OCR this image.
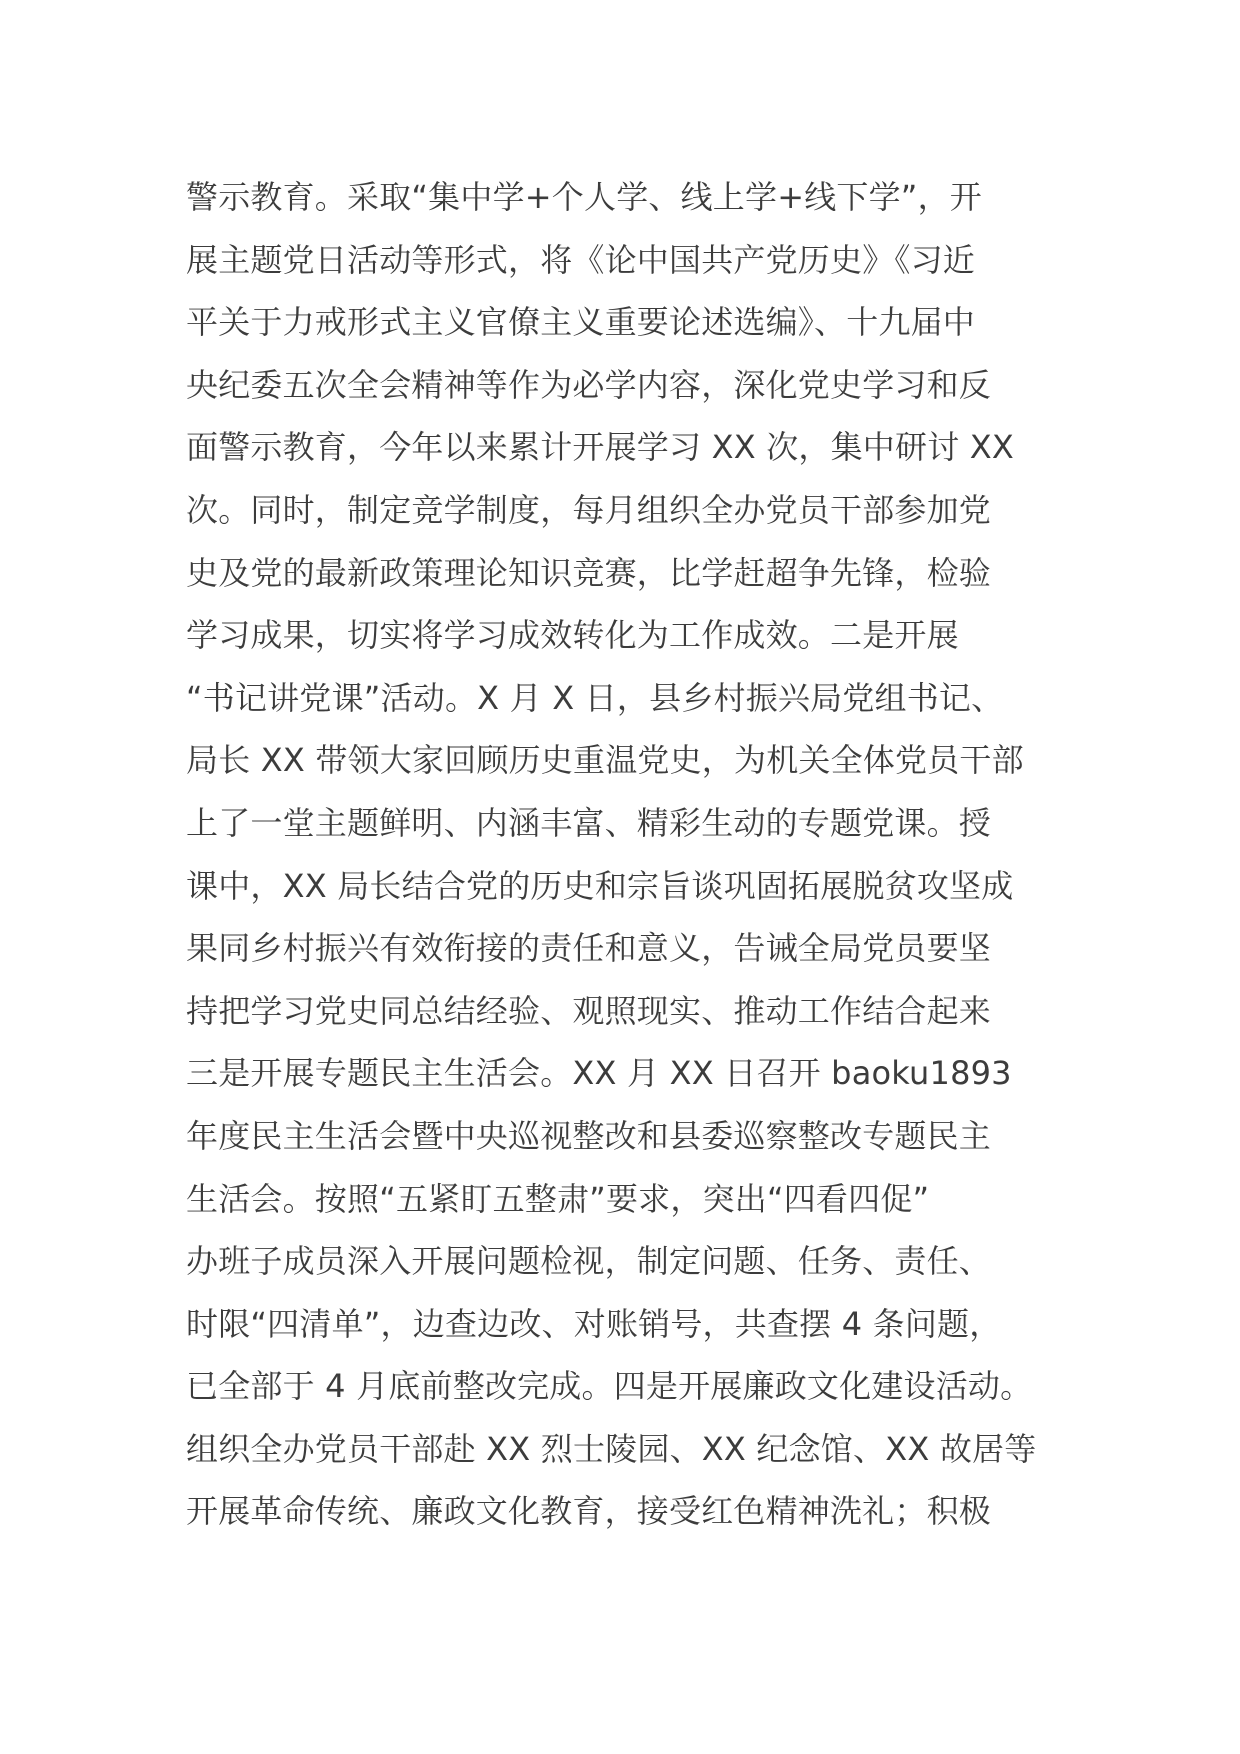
警示教育。采取“集中学+个人学、线上学+线下学”，开
展主题党日活动等形式，将《论中国共产党历史》《习近
平关于力戒形式主义官僚主义重要论述选编》、十九届中
央纪委五次全会精神等作为必学内容，深化党史学习和反
面警示教育，今年以来累计开展学习 XX 次，集中研讨 XX
次。同时，制定竞学制度，每月组织全办党员干部参加党
史及党的最新政策理论知识竞赛，比学赶超争先锋，检验
学习成果，切实将学习成效转化为工作成效。二是开展
“书记讲党课”活动。X 月 X 日，县乡村振兴局党组书记、
局长 XX 带领大家回顾历史重温党史，为机关全体党员干部
上了一堂主题鲜明、内涵丰富、精彩生动的专题党课。授
课中，XX 局长结合党的历史和宗旨谈巩固拓展脱贫攻坚成
果同乡村振兴有效衔接的责任和意义，告诫全局党员要坚
持把学习党史同总结经验、观照现实、推动工作结合起来
三是开展专题民主生活会。XX 月 XX 日召开 baoku1893
年度民主生活会暨中央巡视整改和县委巡察整改专题民主
生活会。按照“五紧盯五整肃”要求，突出“四看四促”
办班子成员深入开展问题检视，制定问题、任务、责任、
时限“四清单”，边查边改、对账销号，共查摆 4 条问题，
已全部于 4 月底前整改完成。四是开展廉政文化建设活动。
组织全办党员干部赴 XX 烈士陵园、XX 纪念馆、XX 故居等
开展革命传统、廉政文化教育，接受红色精神洗礼；积极
